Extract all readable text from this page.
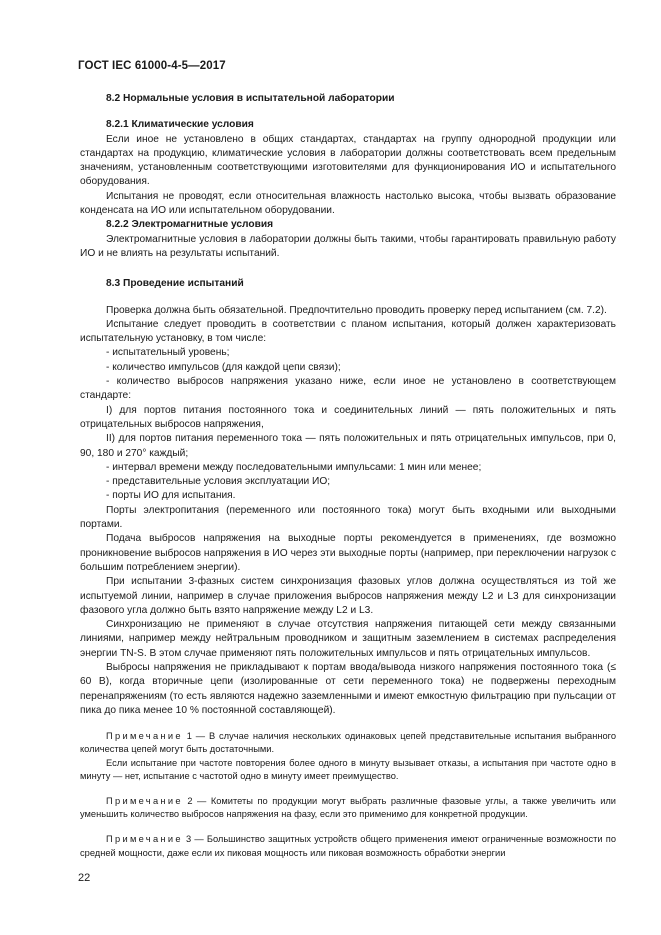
ГОСТ IEC 61000-4-5—2017
8.2 Нормальные условия в испытательной лаборатории
8.2.1 Климатические условия

Если иное не установлено в общих стандартах, стандартах на группу однородной продукции или стандартах на продукцию, климатические условия в лаборатории должны соответствовать всем предельным значениям, установленным соответствующими изготовителями для функционирования ИО и испытательного оборудования.

Испытания не проводят, если относительная влажность настолько высока, чтобы вызвать образование конденсата на ИО или испытательном оборудовании.

8.2.2 Электромагнитные условия

Электромагнитные условия в лаборатории должны быть такими, чтобы гарантировать правильную работу ИО и не влиять на результаты испытаний.

8.3 Проведение испытаний

Проверка должна быть обязательной. Предпочтительно проводить проверку перед испытанием (см. 7.2).

Испытание следует проводить в соответствии с планом испытания, который должен характеризовать испытательную установку, в том числе:

- испытательный уровень;

- количество импульсов (для каждой цепи связи);

- количество выбросов напряжения указано ниже, если иное не установлено в соответствующем стандарте:

I) для портов питания постоянного тока и соединительных линий — пять положительных и пять отрицательных выбросов напряжения,

II) для портов питания переменного тока — пять положительных и пять отрицательных импульсов, при 0, 90, 180 и 270° каждый;

- интервал времени между последовательными импульсами: 1 мин или менее;

- представительные условия эксплуатации ИО;

- порты ИО для испытания.

Порты электропитания (переменного или постоянного тока) могут быть входными или выходными портами.

Подача выбросов напряжения на выходные порты рекомендуется в применениях, где возможно проникновение выбросов напряжения в ИО через эти выходные порты (например, при переключении нагрузок с большим потреблением энергии).

При испытании 3-фазных систем синхронизация фазовых углов должна осуществляться из той же испытуемой линии, например в случае приложения выбросов напряжения между L2 и L3 для синхронизации фазового угла должно быть взято напряжение между L2 и L3.

Синхронизацию не применяют в случае отсутствия напряжения питающей сети между связанными линиями, например между нейтральным проводником и защитным заземлением в системах распределения энергии TN-S. В этом случае применяют пять положительных импульсов и пять отрицательных импульсов.

Выбросы напряжения не прикладывают к портам ввода/вывода низкого напряжения постоянного тока (≤ 60 В), когда вторичные цепи (изолированные от сети переменного тока) не подвержены переходным перенапряжениям (то есть являются надежно заземленными и имеют емкостную фильтрацию при пульсации от пика до пика менее 10 % постоянной составляющей).

Примечание 1 — В случае наличия нескольких одинаковых цепей представительные испытания выбранного количества цепей могут быть достаточными.

Если испытание при частоте повторения более одного в минуту вызывает отказы, а испытания при частоте одно в минуту — нет, испытание с частотой одно в минуту имеет преимущество.

Примечание 2 — Комитеты по продукции могут выбрать различные фазовые углы, а также увеличить или уменьшить количество выбросов напряжения на фазу, если это применимо для конкретной продукции.

Примечание 3 — Большинство защитных устройств общего применения имеют ограниченные возможности по средней мощности, даже если их пиковая мощность или пиковая возможность обработки энергии

22
